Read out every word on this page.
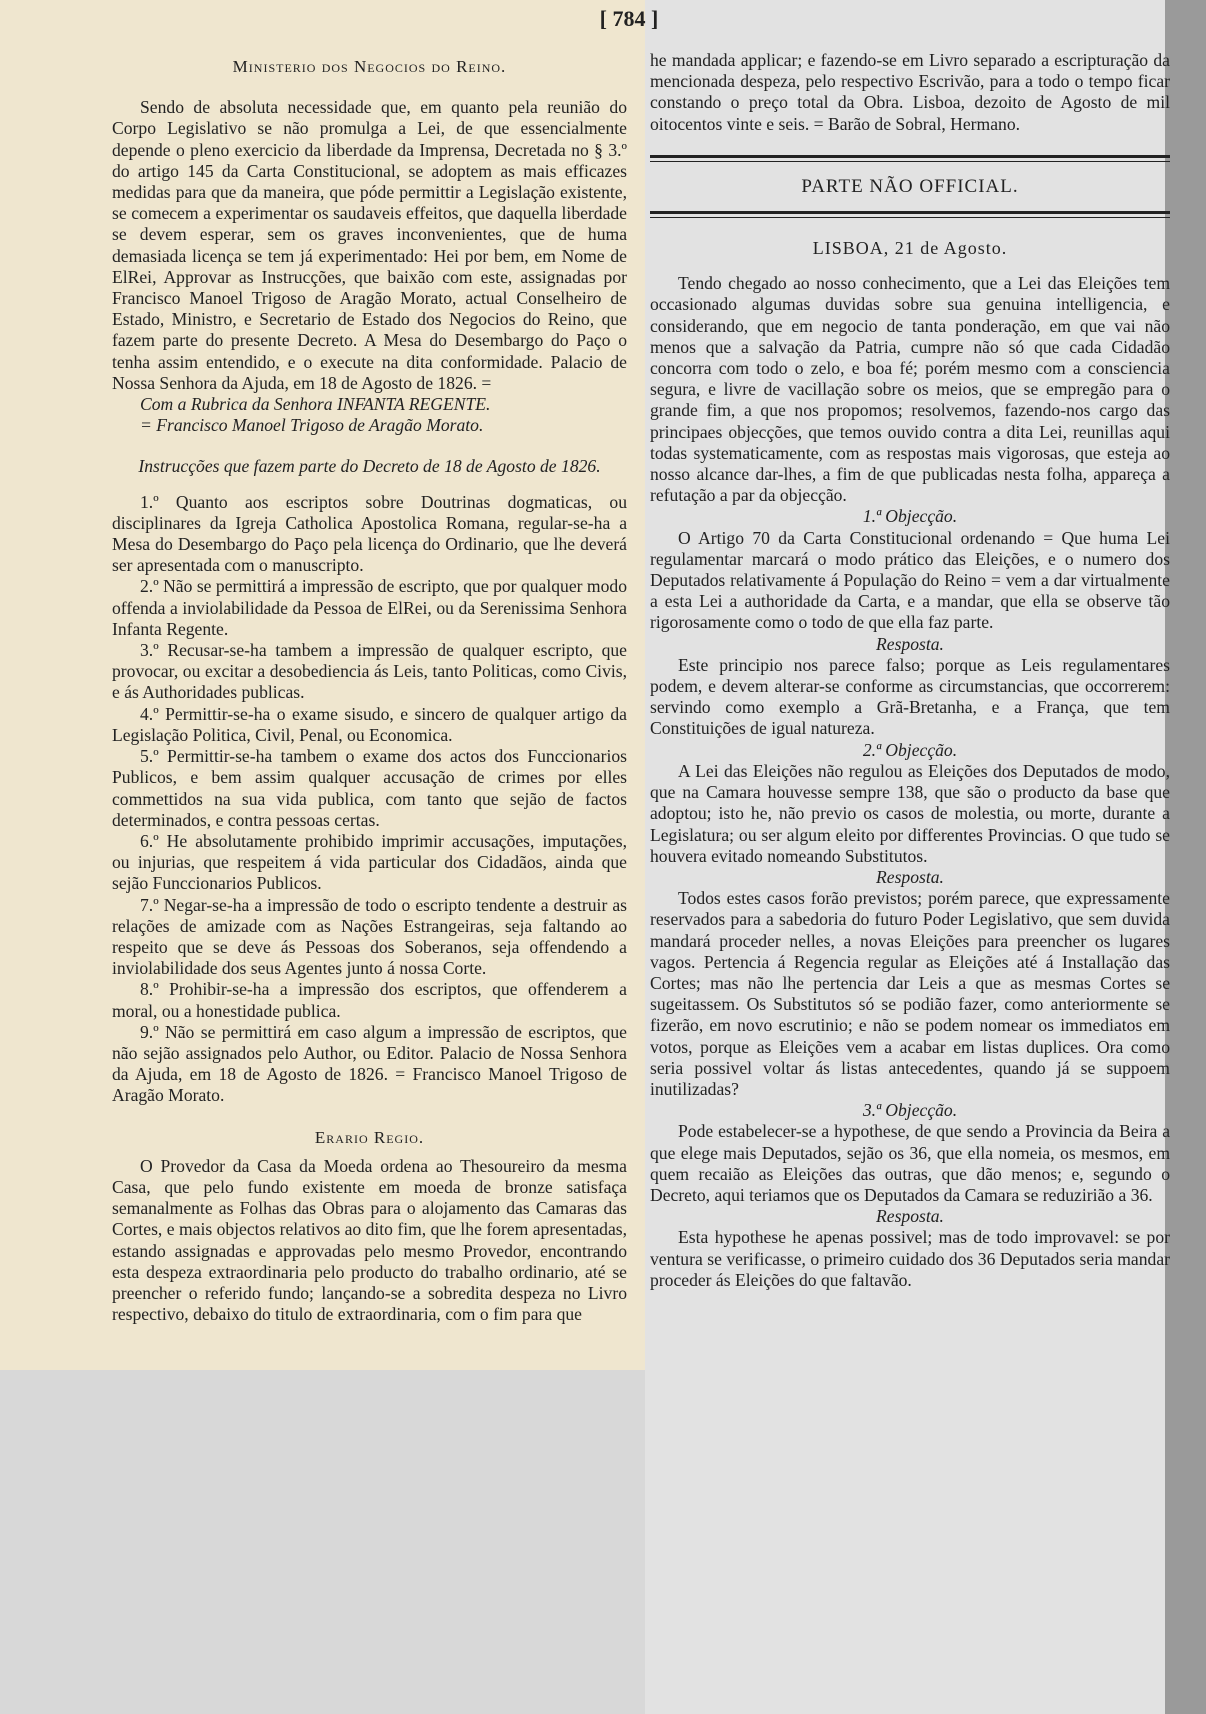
[ 784 ]
Ministerio dos Negocios do Reino.

Sendo de absoluta necessidade que, em quanto pela reunião do Corpo Legislativo se não promulga a Lei, de que essencialmente depende o pleno exercicio da liberdade da Imprensa, Decretada no § 3.º do artigo 145 da Carta Constitucional, se adoptem as mais efficazes medidas para que da maneira, que póde permittir a Legislação existente, se comecem a experimentar os saudaveis effeitos, que daquella liberdade se devem esperar, sem os graves inconvenientes, que de huma demasiada licença se tem já experimentado: Hei por bem, em Nome de ElRei, Approvar as Instrucções, que baixão com este, assignadas por Francisco Manoel Trigoso de Aragão Morato, actual Conselheiro de Estado, Ministro, e Secretario de Estado dos Negocios do Reino, que fazem parte do presente Decreto. A Mesa do Desembargo do Paço o tenha assim entendido, e o execute na dita conformidade. Palacio de Nossa Senhora da Ajuda, em 18 de Agosto de 1826. =

Com a Rubrica da Senhora INFANTA REGENTE.

= Francisco Manoel Trigoso de Aragão Morato.

Instrucções que fazem parte do Decreto de 18 de Agosto de 1826.

1.º Quanto aos escriptos sobre Doutrinas dogmaticas, ou disciplinares da Igreja Catholica Apostolica Romana, regular-se-ha a Mesa do Desembargo do Paço pela licença do Ordinario, que lhe deverá ser apresentada com o manuscripto.

2.º Não se permittirá a impressão de escripto, que por qualquer modo offenda a inviolabilidade da Pessoa de ElRei, ou da Serenissima Senhora Infanta Regente.

3.º Recusar-se-ha tambem a impressão de qualquer escripto, que provocar, ou excitar a desobediencia ás Leis, tanto Politicas, como Civis, e ás Authoridades publicas.

4.º Permittir-se-ha o exame sisudo, e sincero de qualquer artigo da Legislação Politica, Civil, Penal, ou Economica.

5.º Permittir-se-ha tambem o exame dos actos dos Funccionarios Publicos, e bem assim qualquer accusação de crimes por elles commettidos na sua vida publica, com tanto que sejão de factos determinados, e contra pessoas certas.

6.º He absolutamente prohibido imprimir accusações, imputações, ou injurias, que respeitem á vida particular dos Cidadãos, ainda que sejão Funccionarios Publicos.

7.º Negar-se-ha a impressão de todo o escripto tendente a destruir as relações de amizade com as Nações Estrangeiras, seja faltando ao respeito que se deve ás Pessoas dos Soberanos, seja offendendo a inviolabilidade dos seus Agentes junto á nossa Corte.

8.º Prohibir-se-ha a impressão dos escriptos, que offenderem a moral, ou a honestidade publica.

9.º Não se permittirá em caso algum a impressão de escriptos, que não sejão assignados pelo Author, ou Editor. Palacio de Nossa Senhora da Ajuda, em 18 de Agosto de 1826. = Francisco Manoel Trigoso de Aragão Morato.

Erario Regio.

O Provedor da Casa da Moeda ordena ao Thesoureiro da mesma Casa, que pelo fundo existente em moeda de bronze satisfaça semanalmente as Folhas das Obras para o alojamento das Camaras das Cortes, e mais objectos relativos ao dito fim, que lhe forem apresentadas, estando assignadas e approvadas pelo mesmo Provedor, encontrando esta despeza extraordinaria pelo producto do trabalho ordinario, até se preencher o referido fundo; lançando-se a sobredita despeza no Livro respectivo, debaixo do titulo de extraordinaria, com o fim para que

he mandada applicar; e fazendo-se em Livro separado a escripturação da mencionada despeza, pelo respectivo Escrivão, para a todo o tempo ficar constando o preço total da Obra. Lisboa, dezoito de Agosto de mil oitocentos vinte e seis. = Barão de Sobral, Hermano.

PARTE NÃO OFFICIAL.
LISBOA, 21 de Agosto.

Tendo chegado ao nosso conhecimento, que a Lei das Eleições tem occasionado algumas duvidas sobre sua genuina intelligencia, e considerando, que em negocio de tanta ponderação, em que vai não menos que a salvação da Patria, cumpre não só que cada Cidadão concorra com todo o zelo, e boa fé; porém mesmo com a consciencia segura, e livre de vacillação sobre os meios, que se empregão para o grande fim, a que nos propomos; resolvemos, fazendo-nos cargo das principaes objecções, que temos ouvido contra a dita Lei, reunillas aqui todas systematicamente, com as respostas mais vigorosas, que esteja ao nosso alcance dar-lhes, a fim de que publicadas nesta folha, appareça a refutação a par da objecção.

1.ª Objecção.

O Artigo 70 da Carta Constitucional ordenando = Que huma Lei regulamentar marcará o modo prático das Eleições, e o numero dos Deputados relativamente á População do Reino = vem a dar virtualmente a esta Lei a authoridade da Carta, e a mandar, que ella se observe tão rigorosamente como o todo de que ella faz parte.

Resposta.

Este principio nos parece falso; porque as Leis regulamentares podem, e devem alterar-se conforme as circumstancias, que occorrerem: servindo como exemplo a Grã-Bretanha, e a França, que tem Constituições de igual natureza.

2.ª Objecção.

A Lei das Eleições não regulou as Eleições dos Deputados de modo, que na Camara houvesse sempre 138, que são o producto da base que adoptou; isto he, não previo os casos de molestia, ou morte, durante a Legislatura; ou ser algum eleito por differentes Provincias. O que tudo se houvera evitado nomeando Substitutos.

Resposta.

Todos estes casos forão previstos; porém parece, que expressamente reservados para a sabedoria do futuro Poder Legislativo, que sem duvida mandará proceder nelles, a novas Eleições para preencher os lugares vagos. Pertencia á Regencia regular as Eleições até á Installação das Cortes; mas não lhe pertencia dar Leis a que as mesmas Cortes se sugeitassem. Os Substitutos só se podião fazer, como anteriormente se fizerão, em novo escrutinio; e não se podem nomear os immediatos em votos, porque as Eleições vem a acabar em listas duplices. Ora como seria possivel voltar ás listas antecedentes, quando já se suppoem inutilizadas?

3.ª Objecção.

Pode estabelecer-se a hypothese, de que sendo a Provincia da Beira a que elege mais Deputados, sejão os 36, que ella nomeia, os mesmos, em quem recaião as Eleições das outras, que dão menos; e, segundo o Decreto, aqui teriamos que os Deputados da Camara se reduzirião a 36.

Resposta.

Esta hypothese he apenas possivel; mas de todo improvavel: se por ventura se verificasse, o primeiro cuidado dos 36 Deputados seria mandar proceder ás Eleições do que faltavão.
